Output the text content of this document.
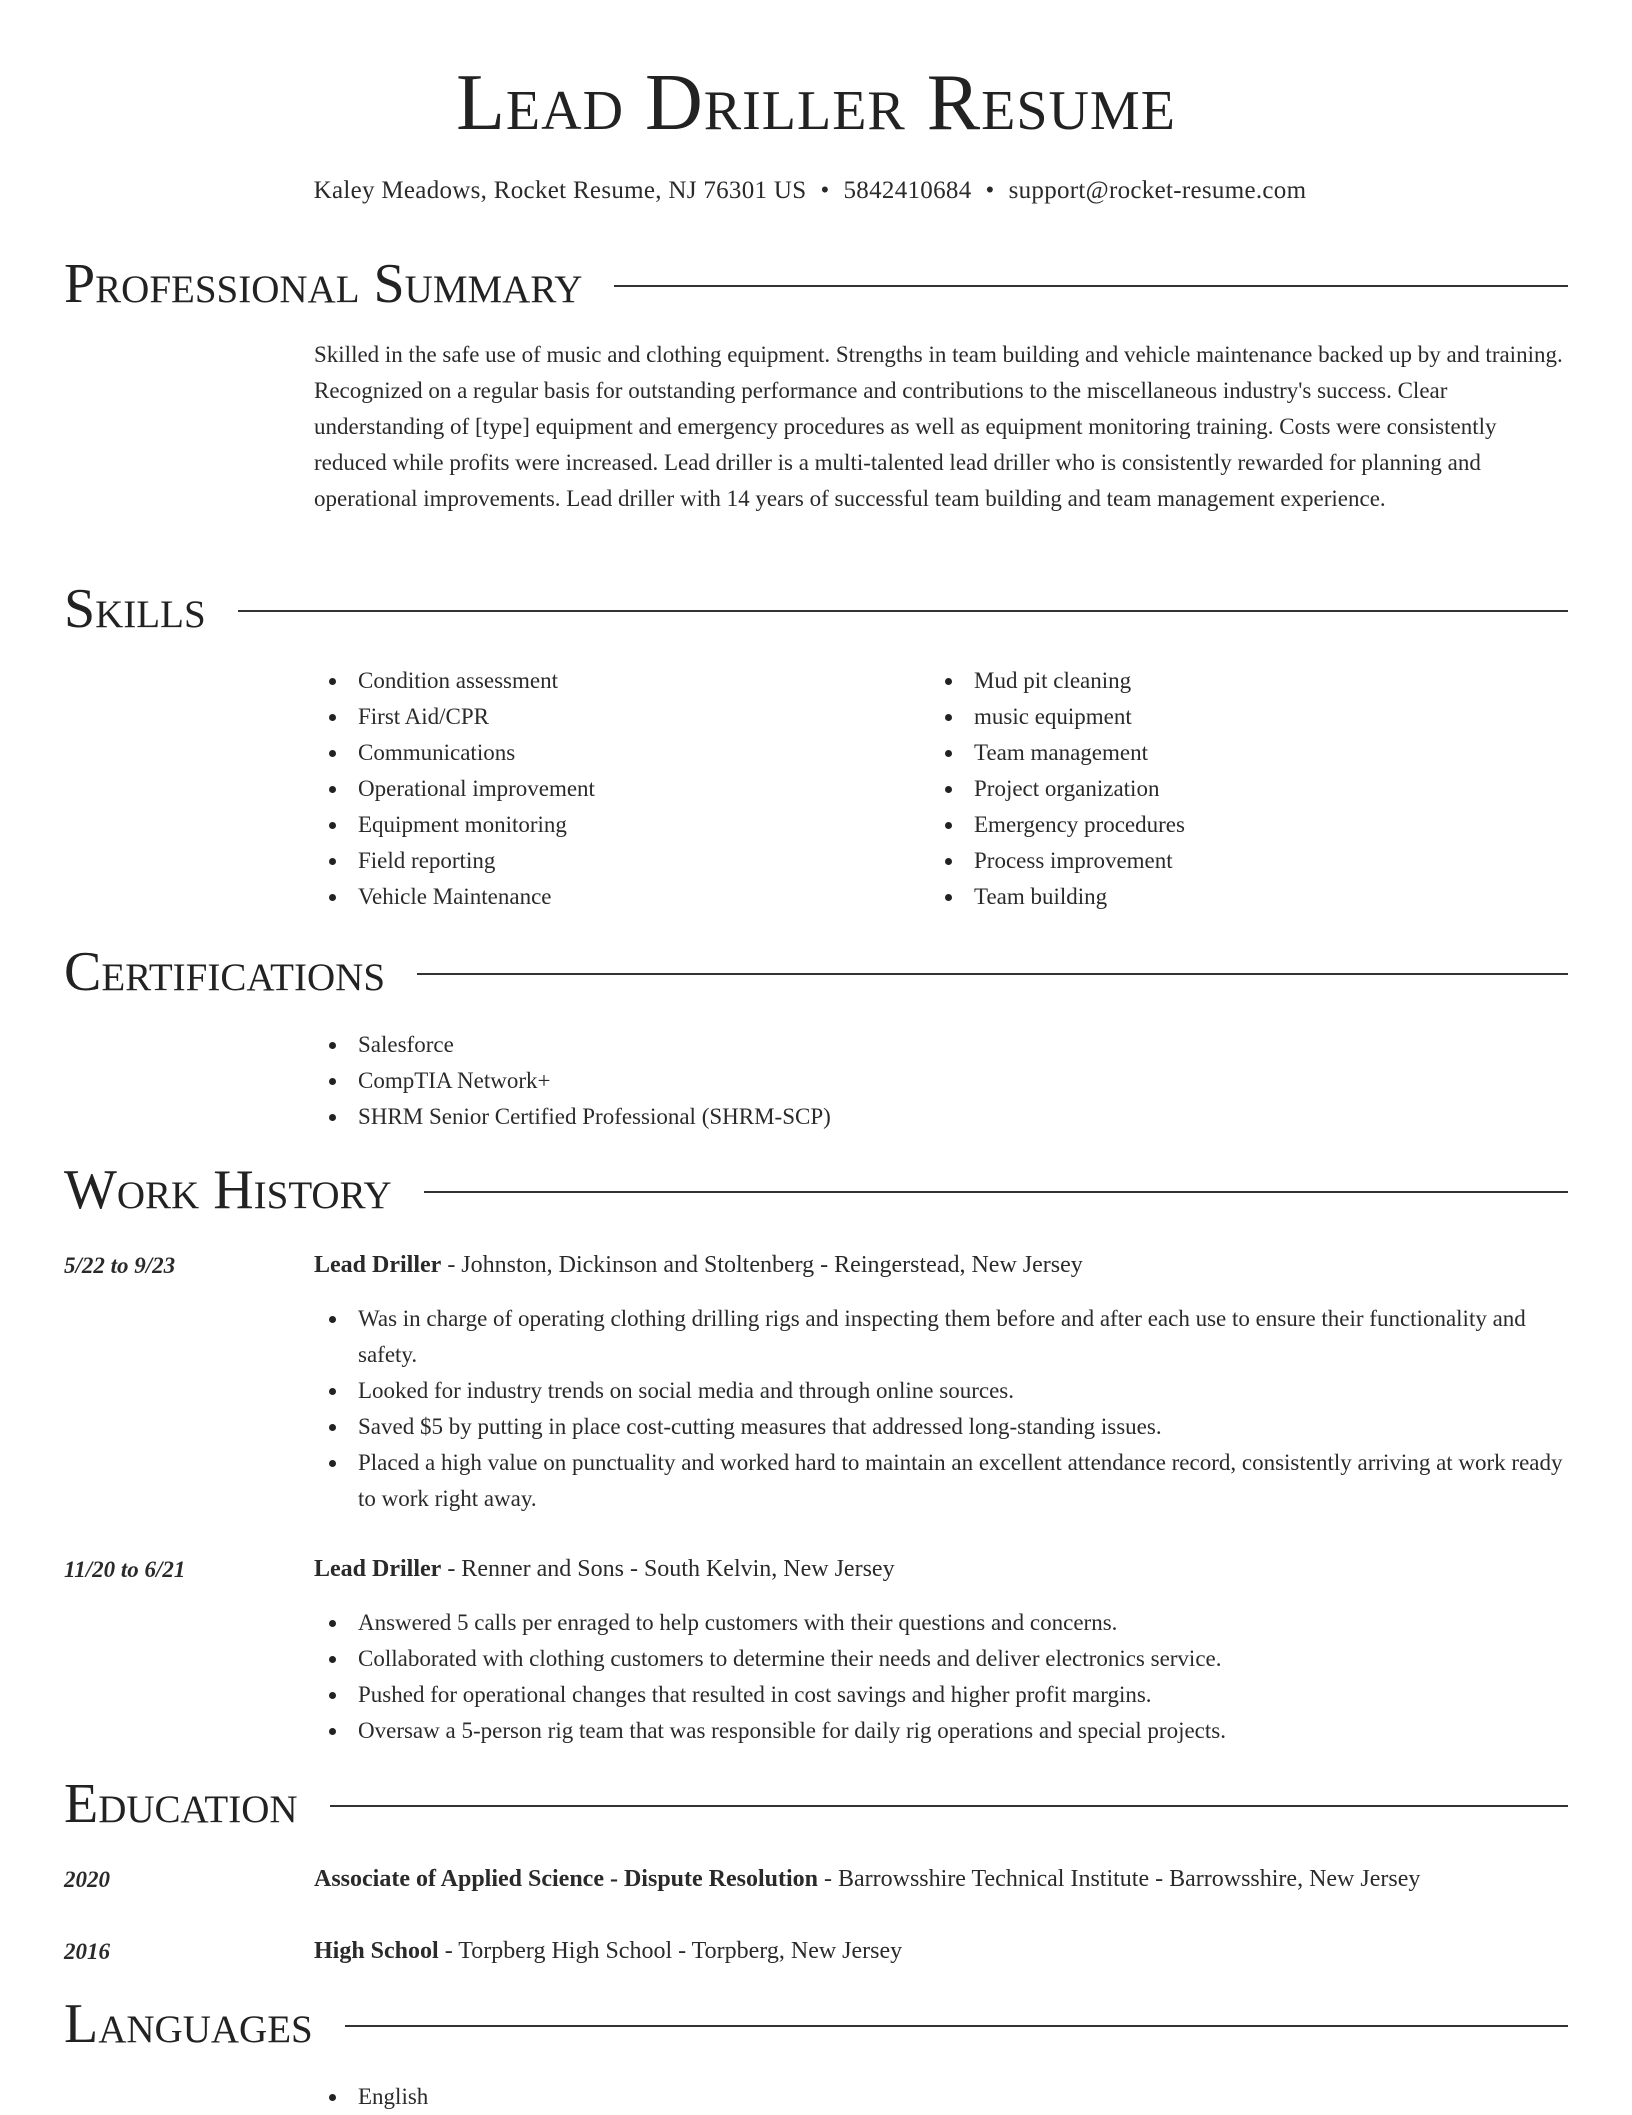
Lead Driller Resume
Kaley Meadows, Rocket Resume, NJ 76301 US • 5842410684 • support@rocket-resume.com
Professional Summary

Skilled in the safe use of music and clothing equipment. Strengths in team building and vehicle maintenance backed up by and training. Recognized on a regular basis for outstanding performance and contributions to the miscellaneous industry's success. Clear understanding of [type] equipment and emergency procedures as well as equipment monitoring training. Costs were consistently reduced while profits were increased. Lead driller is a multi-talented lead driller who is consistently rewarded for planning and operational improvements. Lead driller with 14 years of successful team building and team management experience.

Skills
Condition assessment
First Aid/CPR
Communications
Operational improvement
Equipment monitoring
Field reporting
Vehicle Maintenance
Mud pit cleaning
music equipment
Team management
Project organization
Emergency procedures
Process improvement
Team building
Certifications
Salesforce
CompTIA Network+
SHRM Senior Certified Professional (SHRM-SCP)
Work History
5/22 to 9/23	Lead Driller - Johnston, Dickinson and Stoltenberg - Reingerstead, New Jersey
Was in charge of operating clothing drilling rigs and inspecting them before and after each use to ensure their functionality and safety.
Looked for industry trends on social media and through online sources.
Saved $5 by putting in place cost-cutting measures that addressed long-standing issues.
Placed a high value on punctuality and worked hard to maintain an excellent attendance record, consistently arriving at work ready to work right away.
11/20 to 6/21	Lead Driller - Renner and Sons - South Kelvin, New Jersey
Answered 5 calls per enraged to help customers with their questions and concerns.
Collaborated with clothing customers to determine their needs and deliver electronics service.
Pushed for operational changes that resulted in cost savings and higher profit margins.
Oversaw a 5-person rig team that was responsible for daily rig operations and special projects.
Education
2020	Associate of Applied Science - Dispute Resolution - Barrowsshire Technical Institute - Barrowsshire, New Jersey
2016	High School - Torpberg High School - Torpberg, New Jersey
Languages
English
